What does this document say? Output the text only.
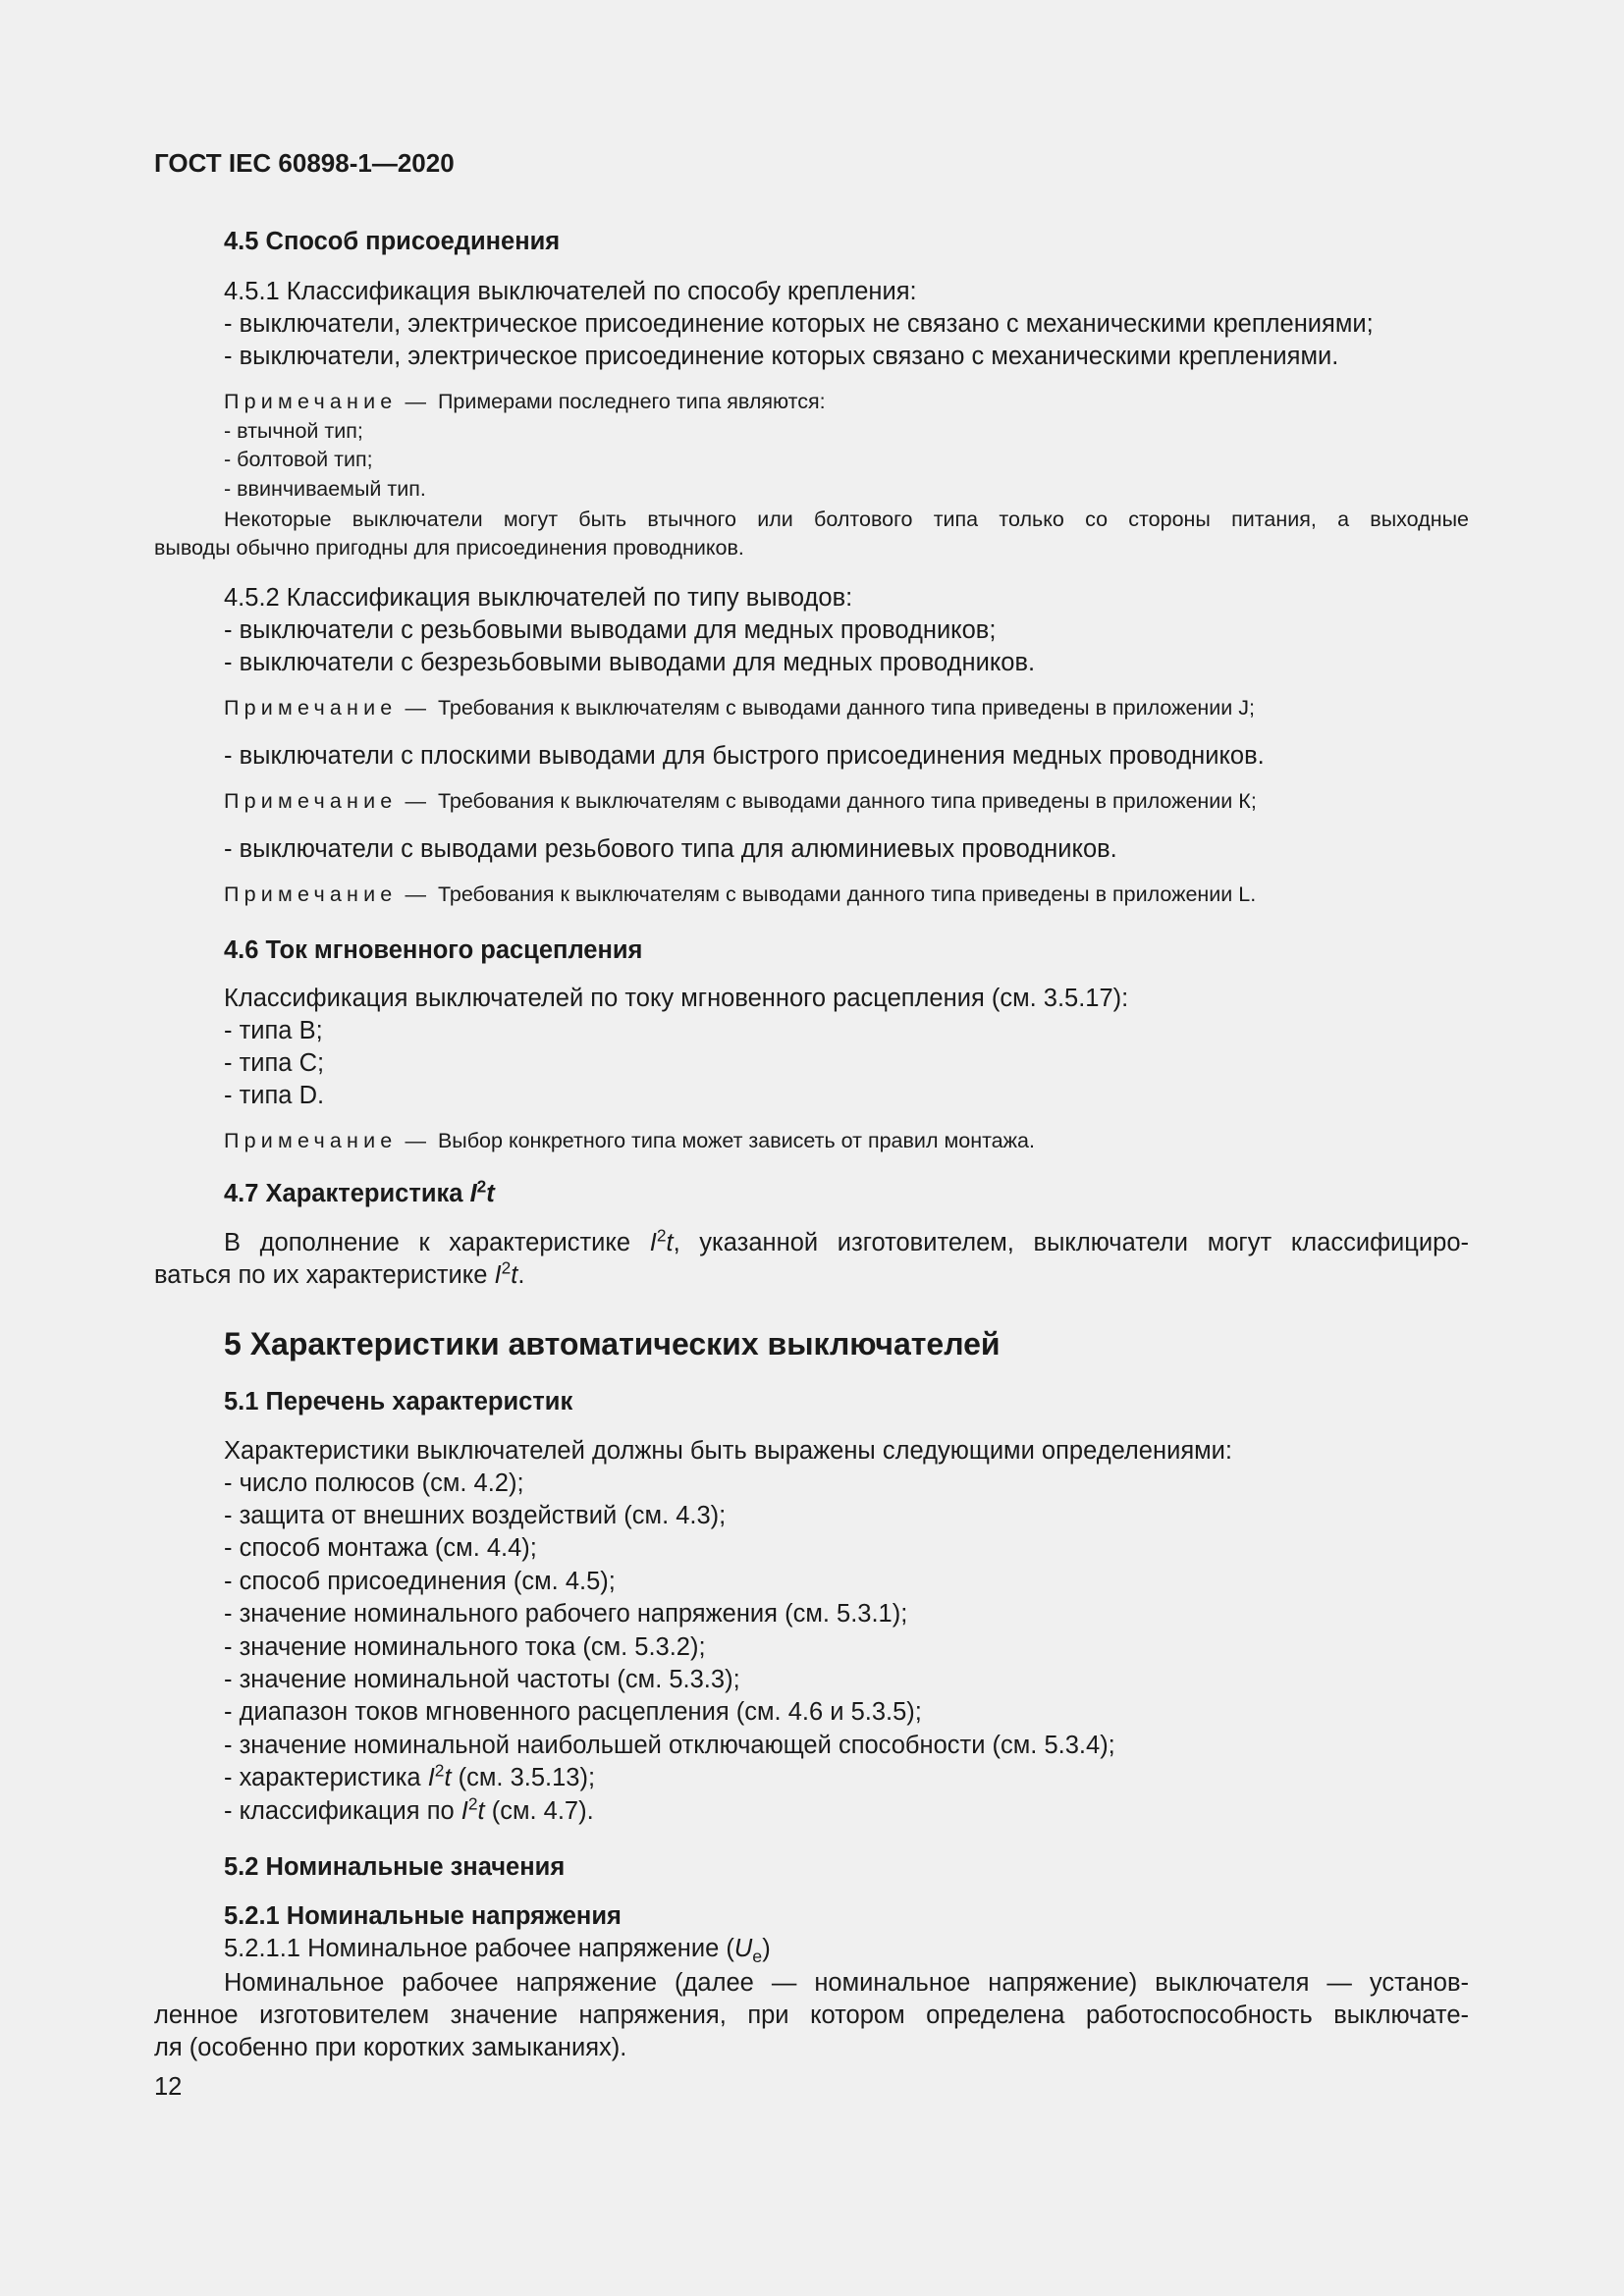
ГОСТ IEC 60898-1—2020
4.5 Способ присоединения
4.5.1 Классификация выключателей по способу крепления:
- выключатели, электрическое присоединение которых не связано с механическими креплениями;
- выключатели, электрическое присоединение которых связано с механическими креплениями.
Примечание — Примерами последнего типа являются:
- втычной тип;
- болтовой тип;
- ввинчиваемый тип.
Некоторые выключатели могут быть втычного или болтового типа только со стороны питания, а выходные
выводы обычно пригодны для присоединения проводников.
4.5.2 Классификация выключателей по типу выводов:
- выключатели с резьбовыми выводами для медных проводников;
- выключатели с безрезьбовыми выводами для медных проводников.
Примечание — Требования к выключателям с выводами данного типа приведены в приложении J;
- выключатели с плоскими выводами для быстрого присоединения медных проводников.
Примечание — Требования к выключателям с выводами данного типа приведены в приложении К;
- выключатели с выводами резьбового типа для алюминиевых проводников.
Примечание — Требования к выключателям с выводами данного типа приведены в приложении L.
4.6 Ток мгновенного расцепления
Классификация выключателей по току мгновенного расцепления (см. 3.5.17):
- типа B;
- типа C;
- типа D.
Примечание — Выбор конкретного типа может зависеть от правил монтажа.
4.7 Характеристика $I^2t$
В дополнение к характеристике $I^2t$, указанной изготовителем, выключатели могут классифициро-
ваться по их характеристике $I^2t$.
5 Характеристики автоматических выключателей
5.1 Перечень характеристик
Характеристики выключателей должны быть выражены следующими определениями:
- число полюсов (см. 4.2);
- защита от внешних воздействий (см. 4.3);
- способ монтажа (см. 4.4);
- способ присоединения (см. 4.5);
- значение номинального рабочего напряжения (см. 5.3.1);
- значение номинального тока (см. 5.3.2);
- значение номинальной частоты (см. 5.3.3);
- диапазон токов мгновенного расцепления (см. 4.6 и 5.3.5);
- значение номинальной наибольшей отключающей способности (см. 5.3.4);
- характеристика $I^2t$ (см. 3.5.13);
- классификация по $I^2t$ (см. 4.7).
5.2 Номинальные значения
5.2.1 Номинальные напряжения
5.2.1.1 Номинальное рабочее напряжение $(U_e)$
Номинальное рабочее напряжение (далее — номинальное напряжение) выключателя — установ-
ленное изготовителем значение напряжения, при котором определена работоспособность выключате-
ля (особенно при коротких замыканиях).
12
